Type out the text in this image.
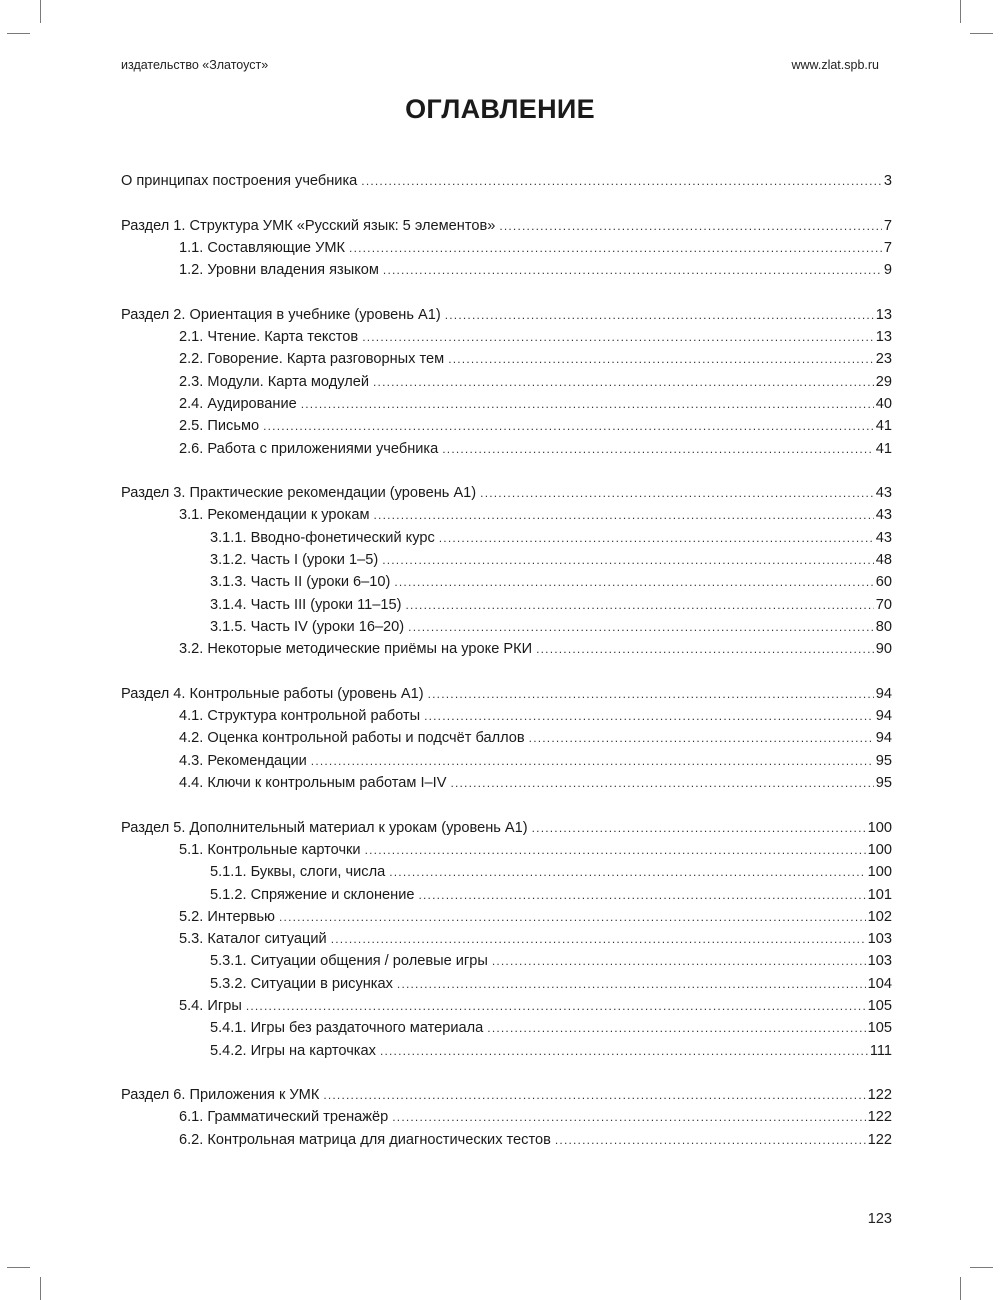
издательство «Златоуст»	www.zlat.spb.ru
ОГЛАВЛЕНИЕ
О принципах построения учебника .....	3
Раздел 1. Структура УМК «Русский язык: 5 элементов» .....	7
1.1. Составляющие УМК .....	7
1.2. Уровни владения языком .....	9
Раздел 2. Ориентация в учебнике (уровень А1) .....	13
2.1. Чтение. Карта текстов .....	13
2.2. Говорение. Карта разговорных тем .....	23
2.3. Модули. Карта модулей .....	29
2.4. Аудирование .....	40
2.5. Письмо .....	41
2.6. Работа с приложениями учебника .....	41
Раздел 3. Практические рекомендации (уровень А1) .....	43
3.1. Рекомендации к урокам .....	43
3.1.1. Вводно-фонетический курс .....	43
3.1.2. Часть I (уроки 1–5) .....	48
3.1.3. Часть II (уроки 6–10) .....	60
3.1.4. Часть III (уроки 11–15) .....	70
3.1.5. Часть IV (уроки 16–20) .....	80
3.2. Некоторые методические приёмы на уроке РКИ .....	90
Раздел 4. Контрольные работы (уровень А1) .....	94
4.1. Структура контрольной работы .....	94
4.2. Оценка контрольной работы и подсчёт баллов .....	94
4.3. Рекомендации .....	95
4.4. Ключи к контрольным работам I–IV .....	95
Раздел 5. Дополнительный материал к урокам (уровень А1) .....	100
5.1. Контрольные карточки .....	100
5.1.1. Буквы, слоги, числа .....	100
5.1.2. Спряжение и склонение .....	101
5.2. Интервью .....	102
5.3. Каталог ситуаций .....	103
5.3.1. Ситуации общения / ролевые игры .....	103
5.3.2. Ситуации в рисунках .....	104
5.4. Игры .....	105
5.4.1. Игры без раздаточного материала .....	105
5.4.2. Игры на карточках .....	111
Раздел 6. Приложения к УМК .....	122
6.1. Грамматический тренажёр .....	122
6.2. Контрольная матрица для диагностических тестов .....	122
123
